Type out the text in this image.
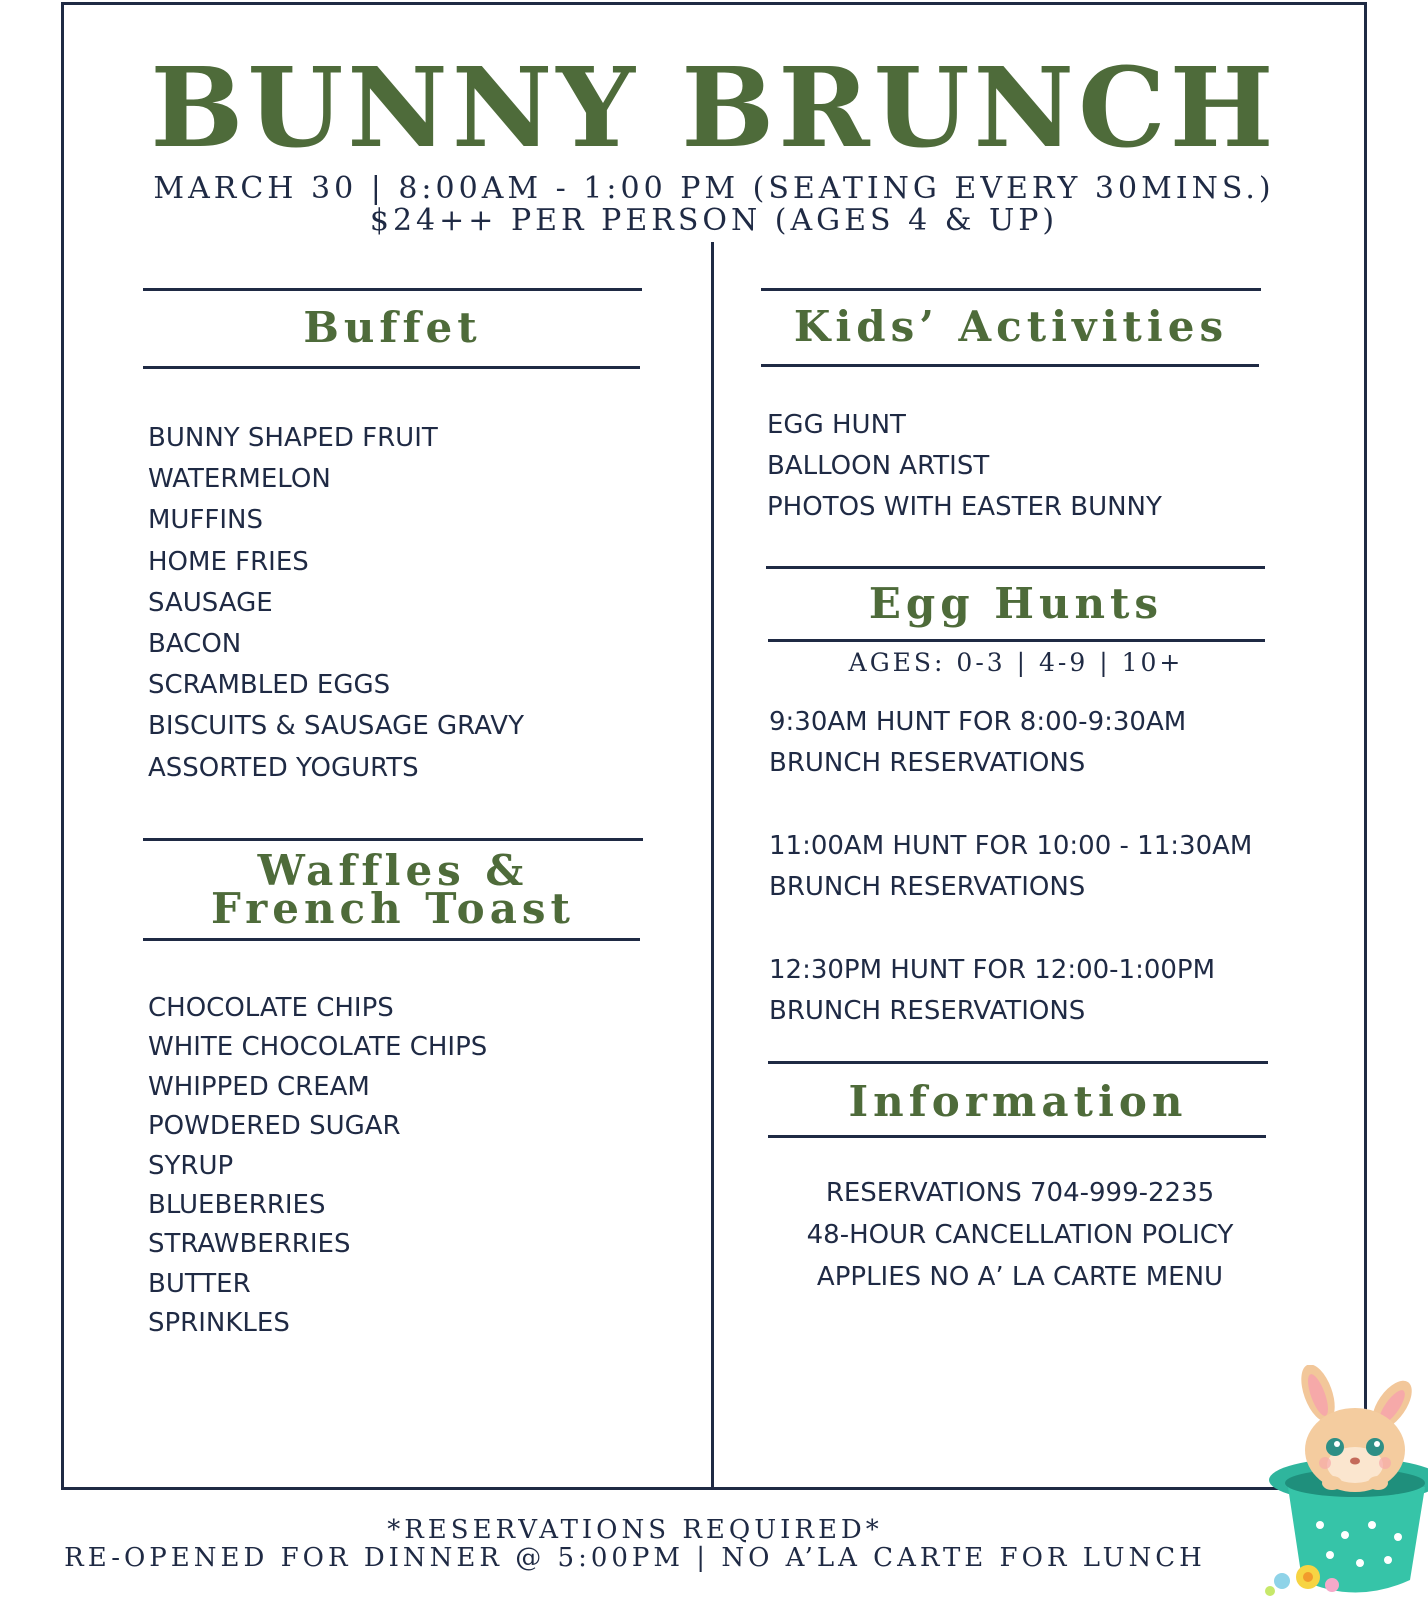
BUNNY BRUNCH
MARCH 30 | 8:00AM - 1:00 PM (SEATING EVERY 30MINS.)
$24++ PER PERSON (AGES 4 & UP)
Buffet
BUNNY SHAPED FRUIT
WATERMELON
MUFFINS
HOME FRIES
SAUSAGE
BACON
SCRAMBLED EGGS
BISCUITS & SAUSAGE GRAVY
ASSORTED YOGURTS
Waffles &
French Toast
CHOCOLATE CHIPS
WHITE CHOCOLATE CHIPS
WHIPPED CREAM
POWDERED SUGAR
SYRUP
BLUEBERRIES
STRAWBERRIES
BUTTER
SPRINKLES
Kids’ Activities
EGG HUNT
BALLOON ARTIST
PHOTOS WITH EASTER BUNNY
Egg Hunts
AGES: 0-3 | 4-9 | 10+
9:30AM HUNT FOR 8:00-9:30AM
BRUNCH RESERVATIONS
11:00AM HUNT FOR 10:00 - 11:30AM
BRUNCH RESERVATIONS
12:30PM HUNT FOR 12:00-1:00PM
BRUNCH RESERVATIONS
Information
RESERVATIONS 704-999-2235
48-HOUR CANCELLATION POLICY
APPLIES NO A’ LA CARTE MENU
*RESERVATIONS REQUIRED*
RE-OPENED FOR DINNER @ 5:00PM | NO A’LA CARTE FOR LUNCH
